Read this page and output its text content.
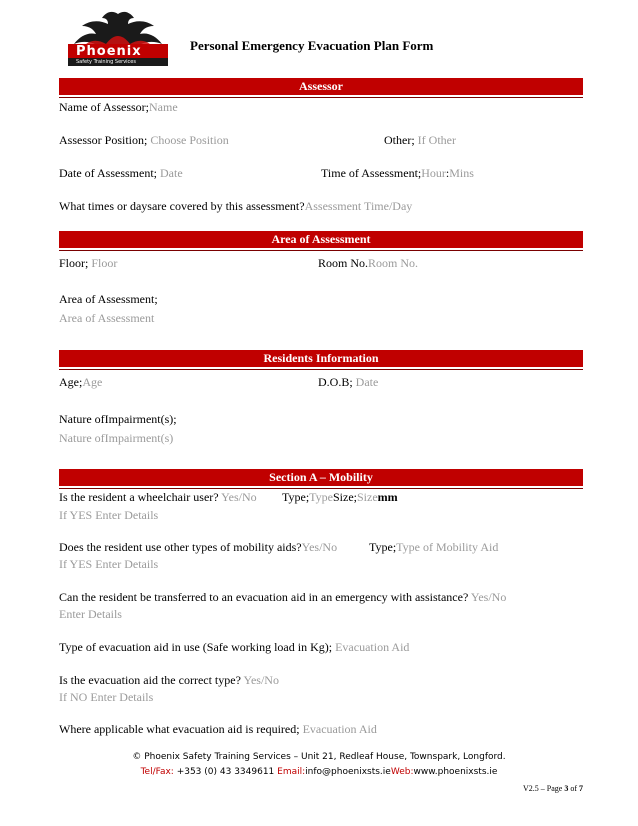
Phoenix
Safety Training Services
Personal Emergency Evacuation Plan Form
Assessor
Name of Assessor;Name
Assessor Position; Choose Position	Other; If Other
Date of Assessment; Date	Time of Assessment;Hour:Mins
What times or daysare covered by this assessment?Assessment Time/Day
Area of Assessment
Floor; Floor	Room No.Room No.
Area of Assessment;
Area of Assessment
Residents Information
Age;Age	D.O.B; Date
Nature ofImpairment(s);
Nature ofImpairment(s)
Section A – Mobility
Is the resident a wheelchair user? Yes/No Type;TypeSize;Sizemm
If YES Enter Details
Does the resident use other types of mobility aids?Yes/No	Type;Type of Mobility Aid
If YES Enter Details
Can the resident be transferred to an evacuation aid in an emergency with assistance? Yes/No
Enter Details
Type of evacuation aid in use (Safe working load in Kg); Evacuation Aid
Is the evacuation aid the correct type? Yes/No
If NO Enter Details
Where applicable what evacuation aid is required; Evacuation Aid
© Phoenix Safety Training Services – Unit 21, Redleaf House, Townspark, Longford.
Tel/Fax: +353 (0) 43 3349611 Email:info@phoenixsts.ieWeb:www.phoenixsts.ie
V2.5 – Page 3 of 7
